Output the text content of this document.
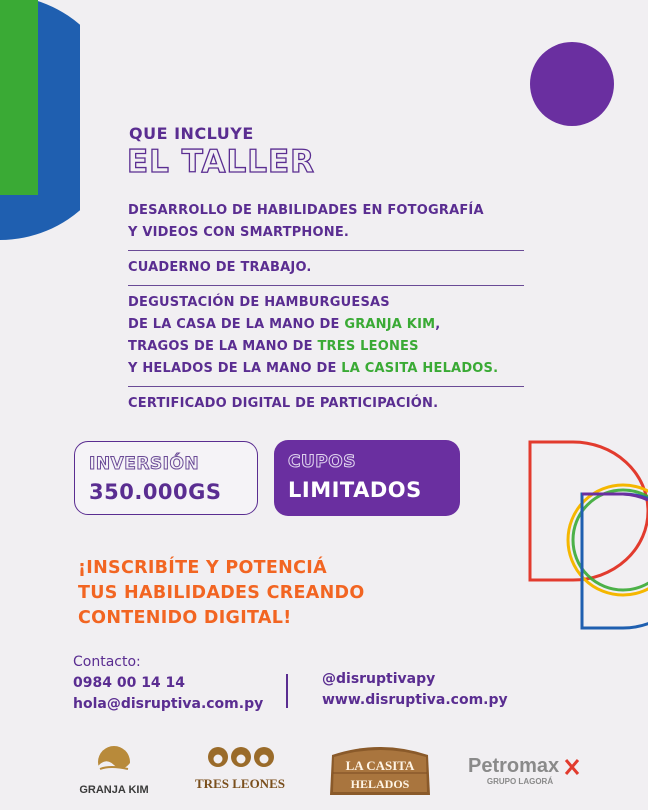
QUE INCLUYE
EL TALLER
DESARROLLO DE HABILIDADES EN FOTOGRAFÍA
Y VIDEOS CON SMARTPHONE.
CUADERNO DE TRABAJO.
DEGUSTACIÓN DE HAMBURGUESAS
DE LA CASA DE LA MANO DE GRANJA KIM,
TRAGOS DE LA MANO DE TRES LEONES
Y HELADOS DE LA MANO DE LA CASITA HELADOS.
CERTIFICADO DIGITAL DE PARTICIPACIÓN.
INVERSIÓN
350.000GS
CUPOS
LIMITADOS
¡INSCRIBÍTE Y POTENCIÁ
TUS HABILIDADES CREANDO
CONTENIDO DIGITAL!
Contacto:
0984 00 14 14
hola@disruptiva.com.py
@disruptivapy
www.disruptiva.com.py
GRANJA KIM	TRES LEONES
LA CASITA
HELADOS
Petromax
GRUPO LAGORÁ
